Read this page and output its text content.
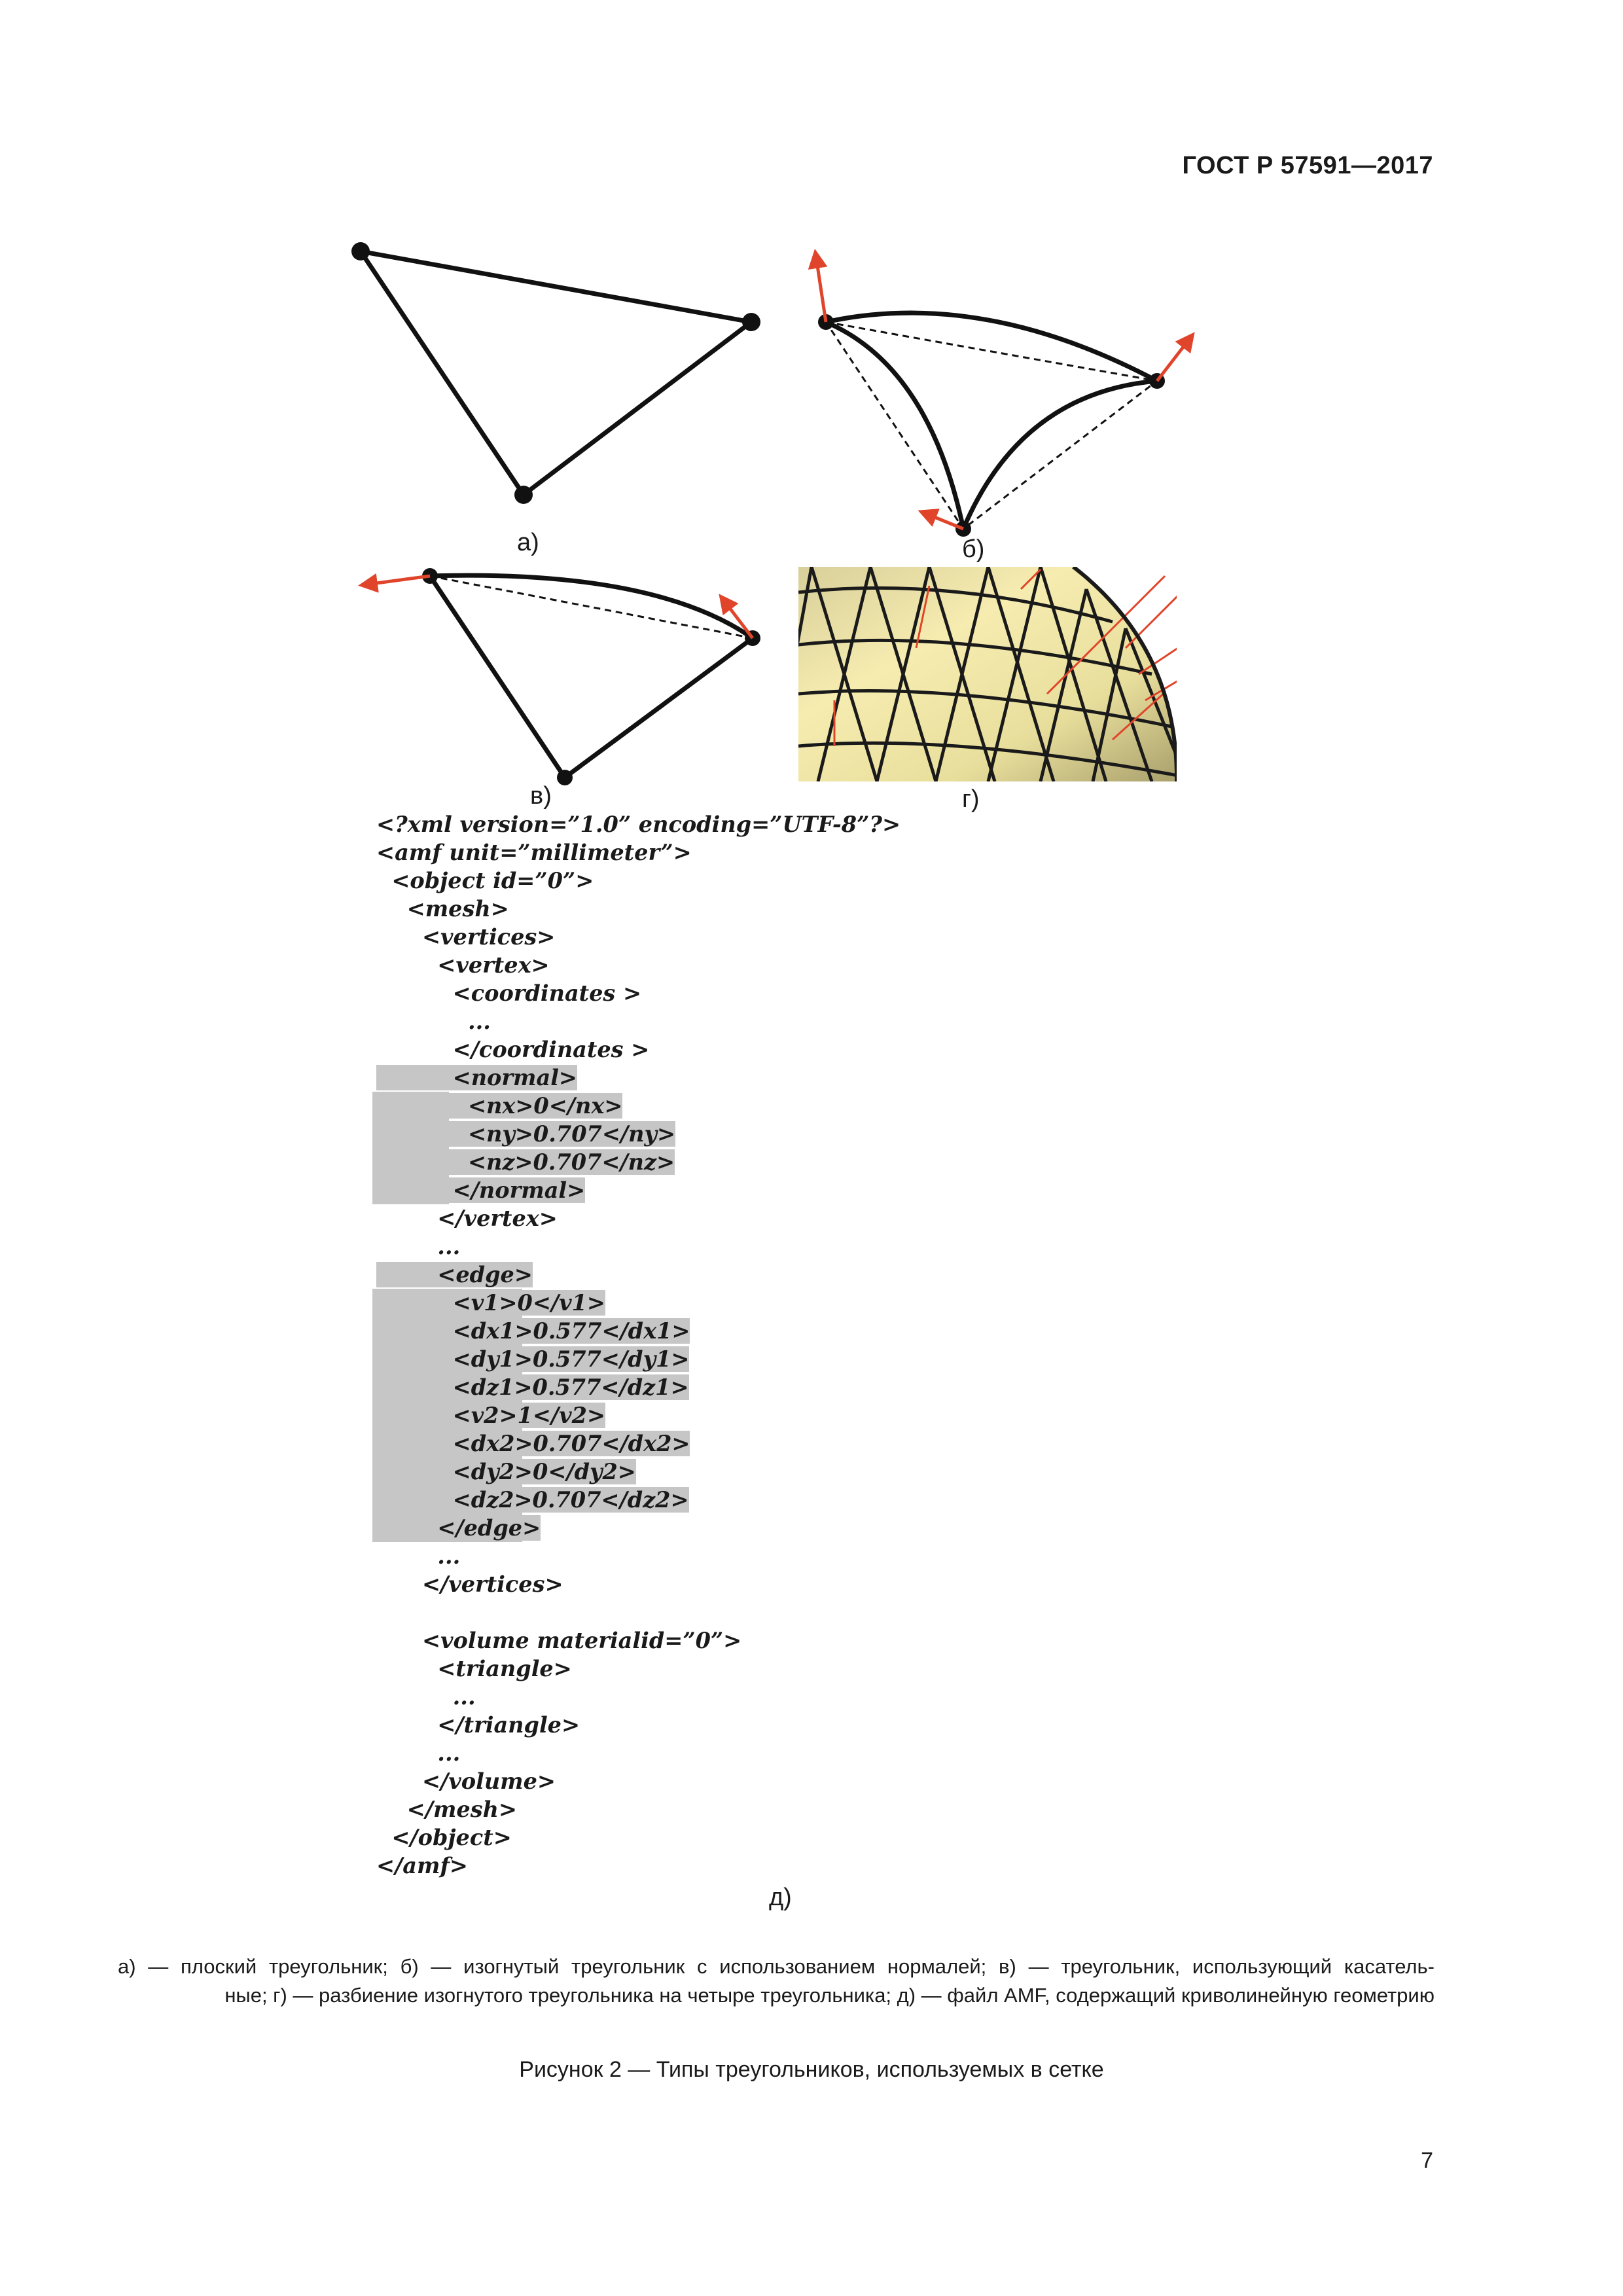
ГОСТ Р 57591—2017
а)	б)
в)	г)
<?xml version=”1.0” encoding=”UTF-8”?>
<amf unit=”millimeter”>
<object id=”0”>
<mesh>
<vertices>
<vertex>
<coordinates >
...
</coordinates >
<normal>
<nx>0</nx>
<ny>0.707</ny>
<nz>0.707</nz>
</normal>
</vertex>
...
<edge>
<v1>0</v1>
<dx1>0.577</dx1>
<dy1>0.577</dy1>
<dz1>0.577</dz1>
<v2>1</v2>
<dx2>0.707</dx2>
<dy2>0</dy2>
<dz2>0.707</dz2>
</edge>
...
</vertices>

<volume materialid=”0”>
<triangle>
...
</triangle>
...
</volume>
</mesh>
</object>
</amf>
д)
а) — плоский треугольник; б) — изогнутый треугольник с использованием нормалей; в) — треугольник, использующий касатель-
ные; г) — разбиение изогнутого треугольника на четыре треугольника; д) — файл AMF, содержащий криволинейную геометрию
Рисунок 2 — Типы треугольников, используемых в сетке
7
